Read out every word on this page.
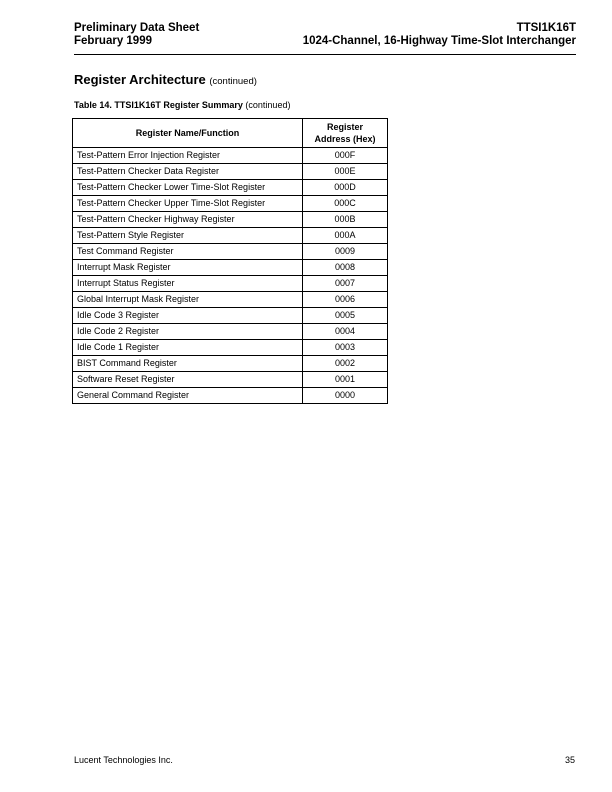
Preliminary Data Sheet
February 1999
TTSI1K16T
1024-Channel, 16-Highway Time-Slot Interchanger
Register Architecture (continued)
Table 14. TTSI1K16T Register Summary (continued)
Register Name/Function	Register
Address (Hex)
Test-Pattern Error Injection Register	000F
Test-Pattern Checker Data Register	000E
Test-Pattern Checker Lower Time-Slot Register	000D
Test-Pattern Checker Upper Time-Slot Register	000C
Test-Pattern Checker Highway Register	000B
Test-Pattern Style Register	000A
Test Command Register	0009
Interrupt Mask Register	0008
Interrupt Status Register	0007
Global Interrupt Mask Register	0006
Idle Code 3 Register	0005
Idle Code 2 Register	0004
Idle Code 1 Register	0003
BIST Command Register	0002
Software Reset Register	0001
General Command Register	0000
Lucent Technologies Inc.	35
